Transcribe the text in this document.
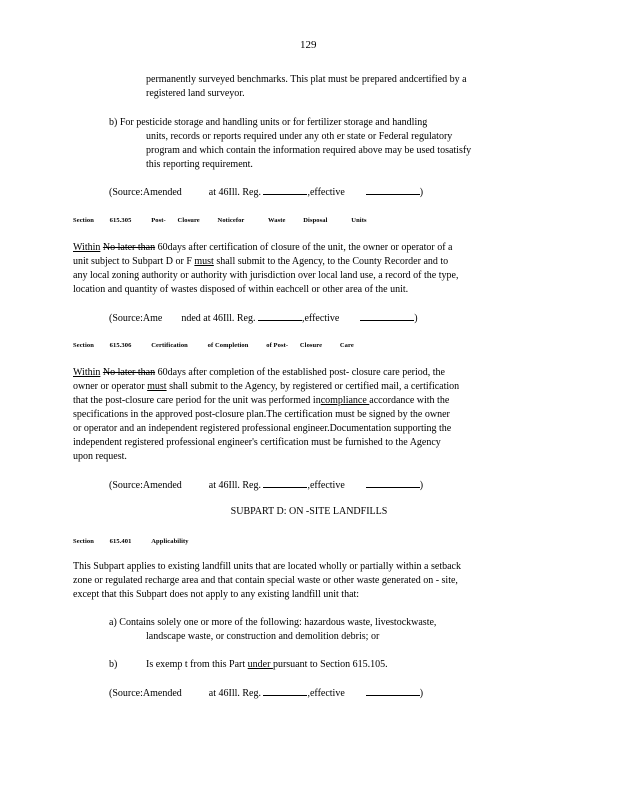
129
permanently surveyed benchmarks. This plat must be prepared andcertified by a
registered land surveyor.
b) For pesticide storage and handling units or for fertilizer storage and handling
units, records or reports required under any oth er state or Federal regulatory
program and which contain the information required above may be used tosatisfy
this reporting requirement.
(Source:Amended	at 46Ill. Reg.	,effective	)
Section 615.305	Post- Closure	Noticefor	Waste	Disposal	Units
Within No later than 60days after certification of closure of the unit, the owner or operator of a
unit subject to Subpart D or F must shall submit to the Agency, to the County Recorder and to
any local zoning authority or authority with jurisdiction over local land use, a record of the type,
location and quantity of wastes disposed of within eachcell or other area of the unit.
(Source:Ame nded at 46Ill. Reg.	,effective	)
Section 615.306	Certification	of Completion	of Post- Closure	Care
Within No later than 60days after completion of the established post- closure care period, the
owner or operator must shall submit to the Agency, by registered or certified mail, a certification
that the post-closure care period for the unit was performed incompliance accordance with the
specifications in the approved post-closure plan.The certification must be signed by the owner
or operator and an independent registered professional engineer.Documentation supporting the
independent registered professional engineer's certification must be furnished to the Agency
upon request.
(Source:Amended	at 46Ill. Reg.	,effective	)
SUBPART D: ON -SITE LANDFILLS
Section 615.401	Applicability
This Subpart applies to existing landfill units that are located wholly or partially within a setback
zone or regulated recharge area and that contain special waste or other waste generated on - site,
except that this Subpart does not apply to any existing landfill unit that:
a) Contains solely one or more of the following: hazardous waste, livestockwaste,
landscape waste, or construction and demolition debris; or
b)	Is exemp t from this Part under pursuant to Section 615.105.
(Source:Amended	at 46Ill. Reg.	,effective	)
